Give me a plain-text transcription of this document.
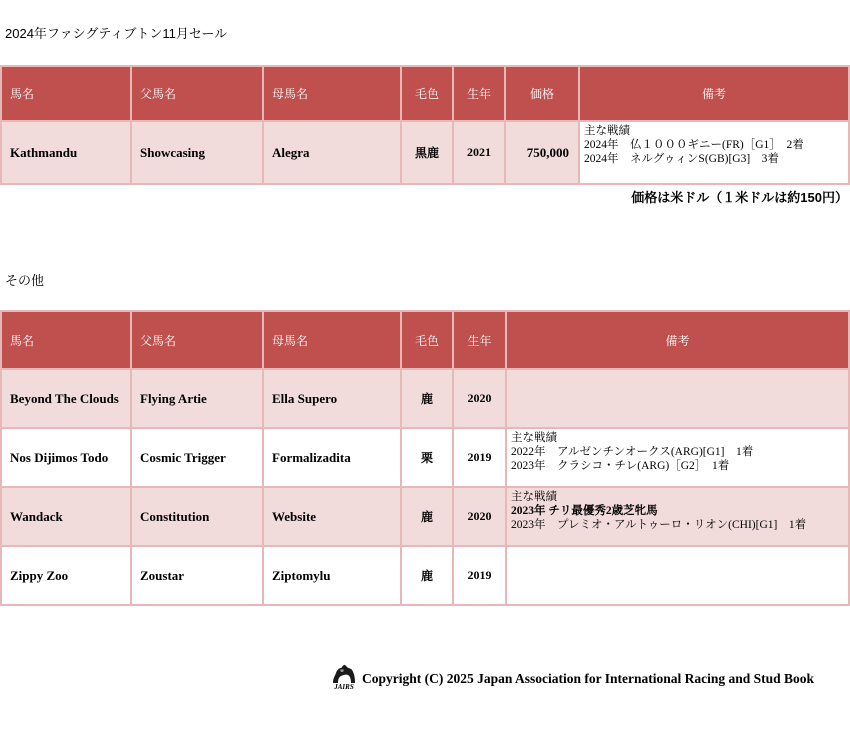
2024年ファシグティブトン11月セール
馬名	父馬名	母馬名	毛色	生年	価格	備考
Kathmandu	Showcasing	Alegra	黒鹿	2021	750,000	主な戦績
2024年　仏１０００ギニー(FR)［G1］　2着
2024年　ネルグゥィンS(GB)[G3]　3着
価格は米ドル（１米ドルは約150円）
その他
馬名	父馬名	母馬名	毛色	生年	備考
Beyond The Clouds	Flying Artie	Ella Supero	鹿	2020	
Nos Dijimos Todo	Cosmic Trigger	Formalizadita	栗	2019	主な戦績
2022年　アルゼンチンオークス(ARG)[G1]　1着
2023年　クラシコ・チレ(ARG)［G2］　1着

Wandack	Constitution	Website	鹿	2020	主な戦績
2023年 チリ最優秀2歳芝牝馬
2023年　プレミオ・アルトゥーロ・リオン(CHI)[G1]　1着

Zippy Zoo	Zoustar	Ziptomylu	鹿	2019	
JAIRS
Copyright (C) 2025 Japan Association for International Racing and Stud Book
